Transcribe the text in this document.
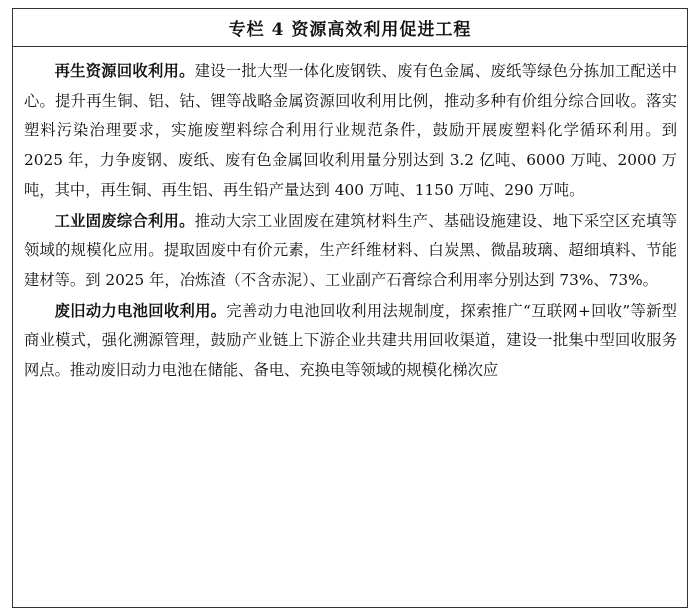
专栏 4 资源高效利用促进工程

再生资源回收利用。建设一批大型一体化废钢铁、废有色金属、废纸等绿色分拣加工配送中心。提升再生铜、铝、钴、锂等战略金属资源回收利用比例，推动多种有价组分综合回收。落实塑料污染治理要求，实施废塑料综合利用行业规范条件，鼓励开展废塑料化学循环利用。到 2025 年，力争废钢、废纸、废有色金属回收利用量分别达到 3.2 亿吨、6000 万吨、2000 万吨，其中，再生铜、再生铝、再生铅产量达到 400 万吨、1150 万吨、290 万吨。

工业固废综合利用。推动大宗工业固废在建筑材料生产、基础设施建设、地下采空区充填等领域的规模化应用。提取固废中有价元素，生产纤维材料、白炭黑、微晶玻璃、超细填料、节能建材等。到 2025 年，冶炼渣（不含赤泥）、工业副产石膏综合利用率分别达到 73%、73%。

废旧动力电池回收利用。完善动力电池回收利用法规制度，探索推广“互联网+回收”等新型商业模式，强化溯源管理，鼓励产业链上下游企业共建共用回收渠道，建设一批集中型回收服务网点。推动废旧动力电池在储能、备电、充换电等领域的规模化梯次应
